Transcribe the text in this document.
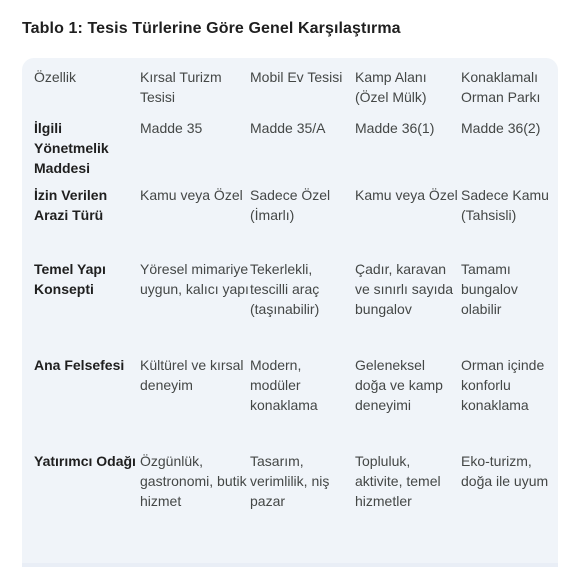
Tablo 1: Tesis Türlerine Göre Genel Karşılaştırma
Özellik	Kırsal Turizm Tesisi	Mobil Ev Tesisi	Kamp Alanı (Özel Mülk)	Konaklamalı Orman Parkı
İlgili Yönetmelik Maddesi	Madde 35	Madde 35/A	Madde 36(1)	Madde 36(2)
İzin Verilen Arazi Türü	Kamu veya Özel	Sadece Özel (İmarlı)	Kamu veya Özel	Sadece Kamu (Tahsisli)
Temel Yapı Konsepti	Yöresel mimariye uygun, kalıcı yapı	Tekerlekli, tescilli araç (taşınabilir)	Çadır, karavan ve sınırlı sayıda bungalov	Tamamı bungalov olabilir
Ana Felsefesi	Kültürel ve kırsal deneyim	Modern, modüler konaklama	Geleneksel doğa ve kamp deneyimi	Orman içinde konforlu konaklama
Yatırımcı Odağı	Özgünlük, gastronomi, butik hizmet	Tasarım, verimlilik, niş pazar	Topluluk, aktivite, temel hizmetler	Eko-turizm, doğa ile uyum
